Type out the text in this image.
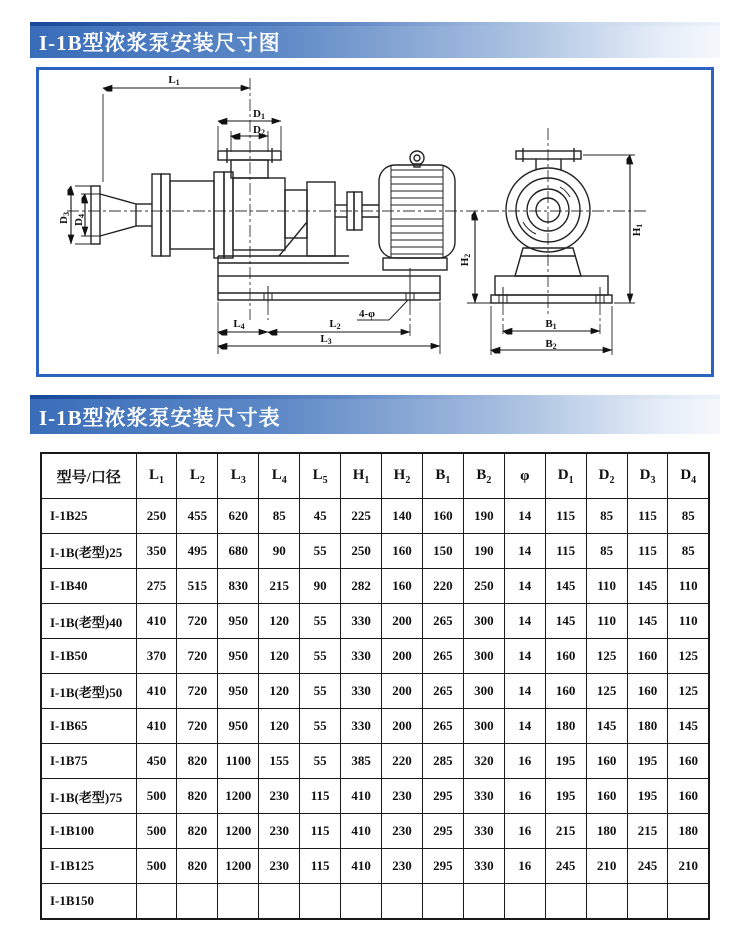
I-1B型浓浆泵安装尺寸图
4-φ
L1
D1
D2
D3
D4
L4	L2
L3
H1
H2
B1
B2
I-1B型浓浆泵安装尺寸表
型号/口径	$L_1$	$L_2$	$L_3$	$L_4$	$L_5$	$H_1$	$H_2$	$B_1$	$B_2$	φ	$D_1$	$D_2$	$D_3$	$D_4$
I-1B25	250	455	620	85	45	225	140	160	190	14	115	85	115	85
I-1B(老型)25	350	495	680	90	55	250	160	150	190	14	115	85	115	85
I-1B40	275	515	830	215	90	282	160	220	250	14	145	110	145	110
I-1B(老型)40	410	720	950	120	55	330	200	265	300	14	145	110	145	110
I-1B50	370	720	950	120	55	330	200	265	300	14	160	125	160	125
I-1B(老型)50	410	720	950	120	55	330	200	265	300	14	160	125	160	125
I-1B65	410	720	950	120	55	330	200	265	300	14	180	145	180	145
I-1B75	450	820	1100	155	55	385	220	285	320	16	195	160	195	160
I-1B(老型)75	500	820	1200	230	115	410	230	295	330	16	195	160	195	160
I-1B100	500	820	1200	230	115	410	230	295	330	16	215	180	215	180
I-1B125	500	820	1200	230	115	410	230	295	330	16	245	210	245	210
I-1B150														
